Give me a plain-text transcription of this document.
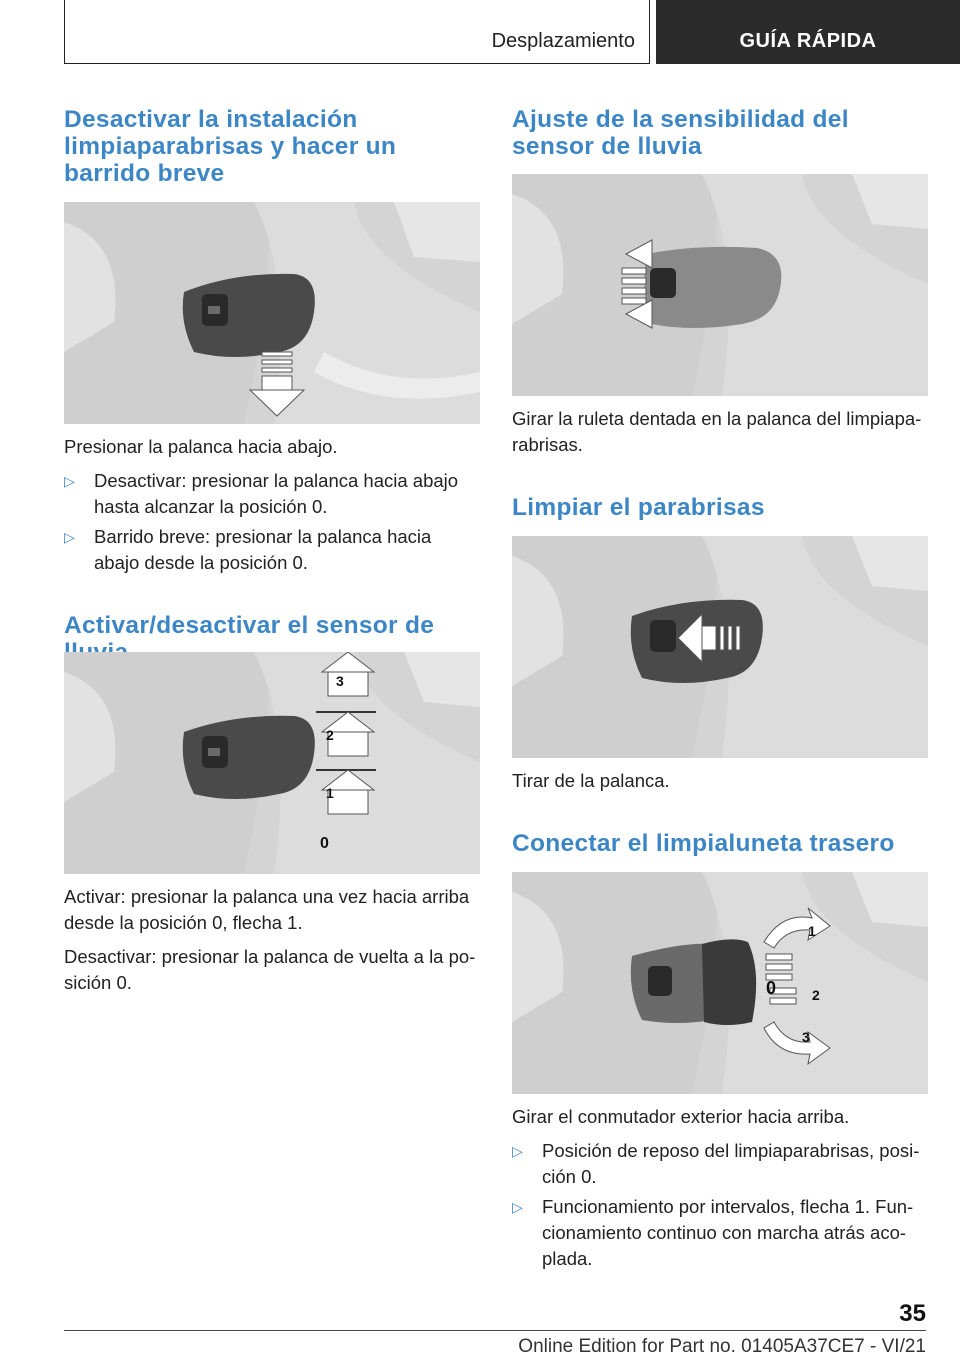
Desplazamiento	GUÍA RÁPIDA
Desactivar la instalación limpiaparabrisas y hacer un barrido breve

Presionar la palanca hacia abajo.

▷ Desactivar: presionar la palanca hacia abajo hasta alcanzar la posición 0.
▷ Barrido breve: presionar la palanca hacia abajo desde la posición 0.
Activar/desactivar el sensor de
3
2
1
0

Activar: presionar la palanca una vez hacia arriba desde la posición 0, flecha 1.

Desactivar: presionar la palanca de vuelta a la po‐sición 0.

Ajuste de la sensibilidad del sensor de lluvia

Girar la ruleta dentada en la palanca del limpiapa‐rabrisas.

Limpiar el parabrisas

Tirar de la palanca.

Conectar el limpialuneta trasero
1
0	2
3

Girar el conmutador exterior hacia arriba.

▷ Posición de reposo del limpiaparabrisas, posi‐ción 0.
▷ Funcionamiento por intervalos, flecha 1. Fun‐cionamiento continuo con marcha atrás aco‐plada.
35
Online Edition for Part no. 01405A37CE7 - VI/21
